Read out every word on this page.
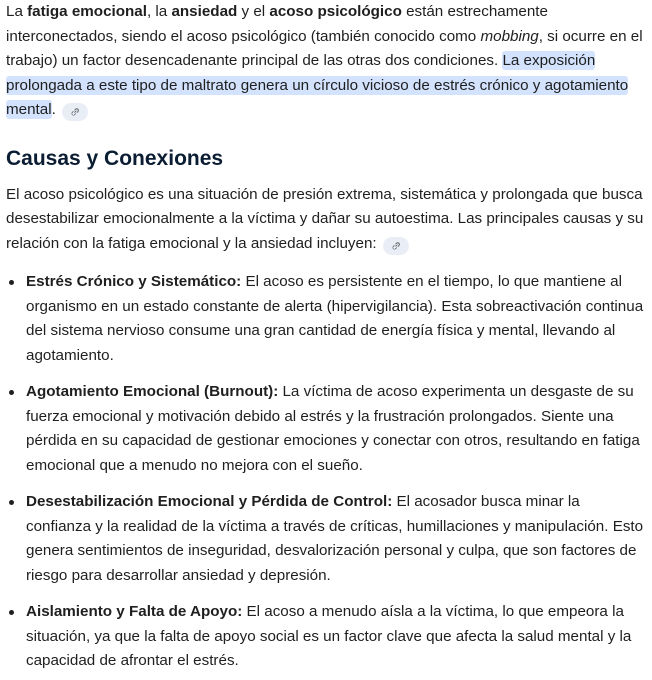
La fatiga emocional, la ansiedad y el acoso psicológico están estrechamente interconectados, siendo el acoso psicológico (también conocido como mobbing, si ocurre en el trabajo) un factor desencadenante principal de las otras dos condiciones. La exposición prolongada a este tipo de maltrato genera un círculo vicioso de estrés crónico y agotamiento mental.

Causas y Conexiones

El acoso psicológico es una situación de presión extrema, sistemática y prolongada que busca desestabilizar emocionalmente a la víctima y dañar su autoestima. Las principales causas y su relación con la fatiga emocional y la ansiedad incluyen:

Estrés Crónico y Sistemático: El acoso es persistente en el tiempo, lo que mantiene al organismo en un estado constante de alerta (hipervigilancia). Esta sobreactivación continua del sistema nervioso consume una gran cantidad de energía física y mental, llevando al agotamiento.
Agotamiento Emocional (Burnout): La víctima de acoso experimenta un desgaste de su fuerza emocional y motivación debido al estrés y la frustración prolongados. Siente una pérdida en su capacidad de gestionar emociones y conectar con otros, resultando en fatiga emocional que a menudo no mejora con el sueño.
Desestabilización Emocional y Pérdida de Control: El acosador busca minar la confianza y la realidad de la víctima a través de críticas, humillaciones y manipulación. Esto genera sentimientos de inseguridad, desvalorización personal y culpa, que son factores de riesgo para desarrollar ansiedad y depresión.
Aislamiento y Falta de Apoyo: El acoso a menudo aísla a la víctima, lo que empeora la situación, ya que la falta de apoyo social es un factor clave que afecta la salud mental y la capacidad de afrontar el estrés.
